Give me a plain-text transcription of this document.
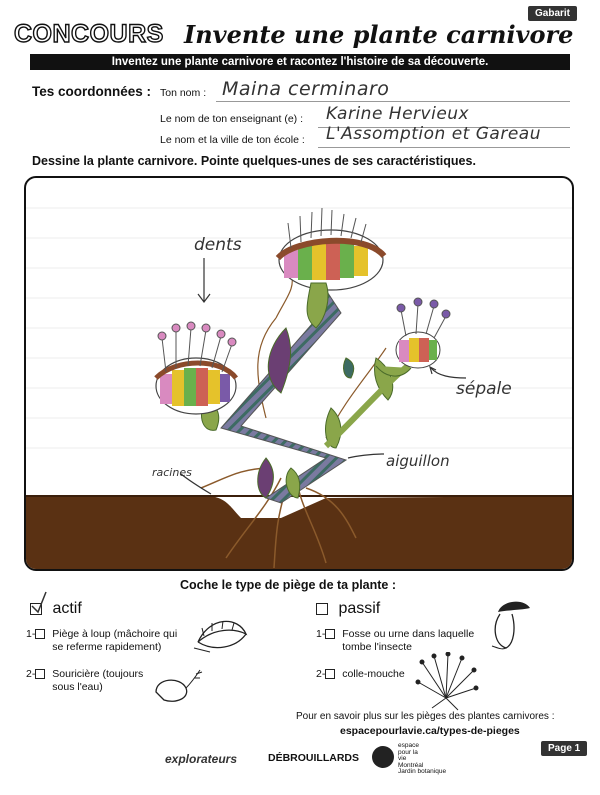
Gabarit
CONCOURS Invente une plante carnivore
Inventez une plante carnivore et racontez l'histoire de sa découverte.
Tes coordonnées : Ton nom : Maina cerminaro
Le nom de ton enseignant (e) : Karine Hervieux
Le nom et la ville de ton école : L'Assomption et Gareau
Dessine la plante carnivore. Pointe quelques-unes de ses caractéristiques.
dents
sépale
aiguillon
racines
Coche le type de piège de ta plante :
actif
1- Piège à loup (mâchoire qui se referme rapidement)
2- Souricière (toujours sous l'eau)
passif
1- Fosse ou urne dans laquelle tombe l'insecte
2- colle-mouche
Pour en savoir plus sur les pièges des plantes carnivores :
espacepourlavie.ca/types-de-pieges
explorateurs	DÉBROUILLARDS
espace
pour la
vie
Montréal
Jardin botanique
Page 1
